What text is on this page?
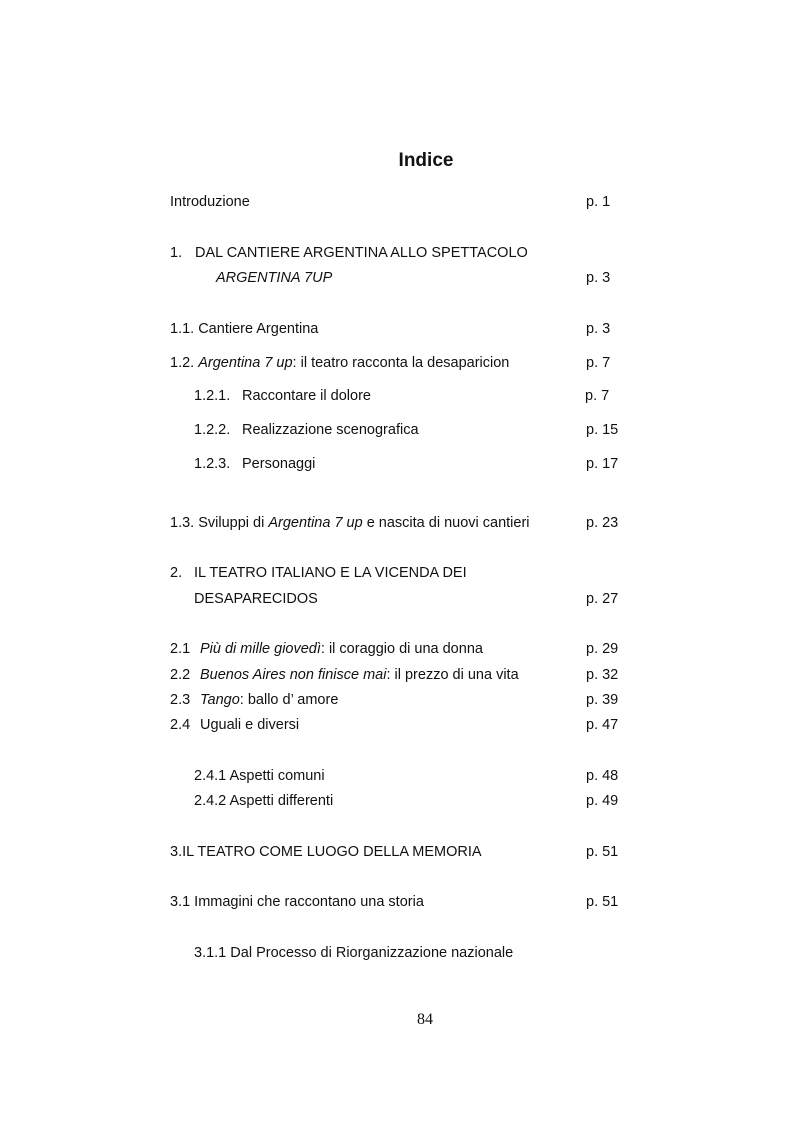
Indice
Introduzione	p. 1
1. DAL CANTIERE ARGENTINA ALLO SPETTACOLO
ARGENTINA 7UP	p. 3
1.1. Cantiere Argentina	p. 3
1.2. Argentina 7 up: il teatro racconta la desaparicion	p. 7
1.2.1. Raccontare il dolore	p. 7
1.2.2. Realizzazione scenografica	p. 15
1.2.3. Personaggi	p. 17
1.3. Sviluppi di Argentina 7 up e nascita di nuovi cantieri	p. 23
2. IL TEATRO ITALIANO E LA VICENDA DEI
DESAPARECIDOS	p. 27
2.1 Più di mille giovedì: il coraggio di una donna	p. 29
2.2 Buenos Aires non finisce mai: il prezzo di una vita	p. 32
2.3 Tango: ballo d’ amore	p. 39
2.4 Uguali e diversi	p. 47
2.4.1 Aspetti comuni	p. 48
2.4.2 Aspetti differenti	p. 49
3.IL TEATRO COME LUOGO DELLA MEMORIA	p. 51
3.1 Immagini che raccontano una storia	p. 51
3.1.1 Dal Processo di Riorganizzazione nazionale
84
